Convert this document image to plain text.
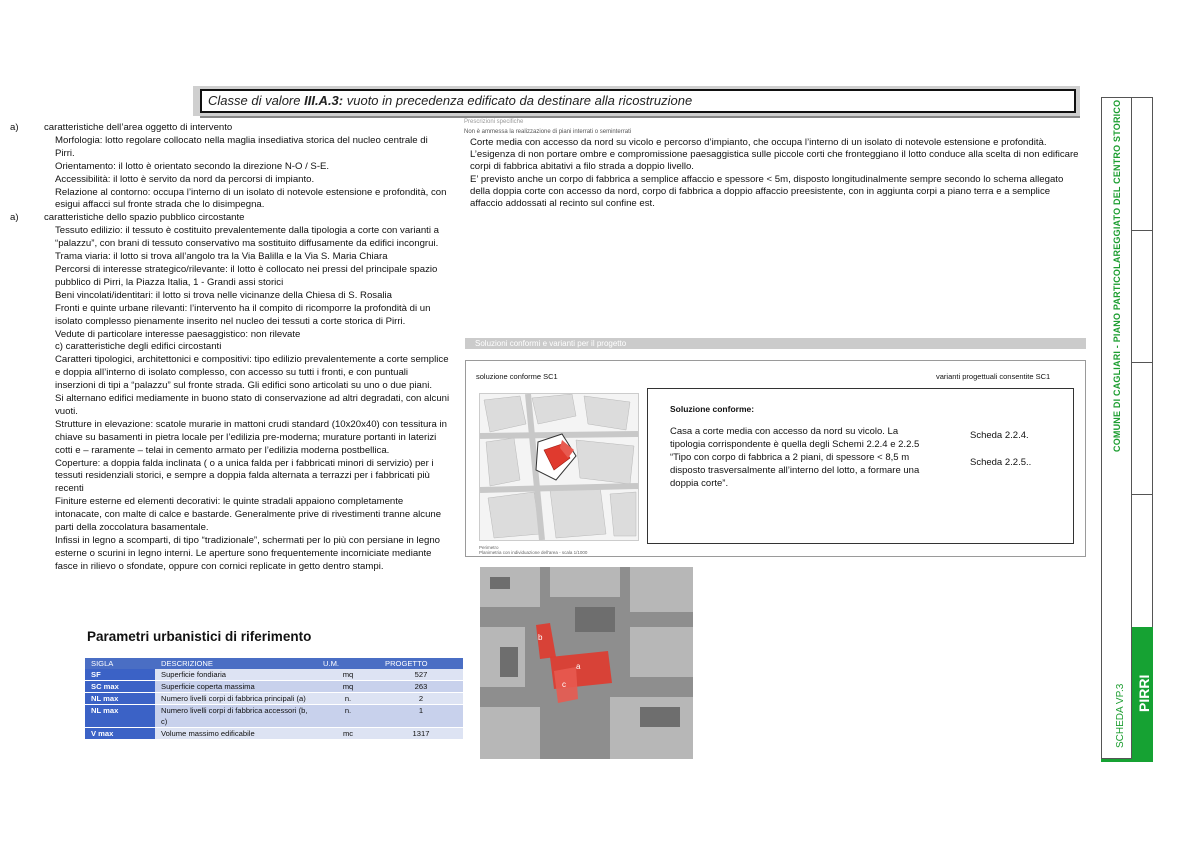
Classe di valore III.A.3: vuoto in precedenza edificato da destinare alla ricostruzione
a)	caratteristiche dell’area oggetto di intervento

Morfologia: lotto regolare collocato nella maglia insediativa storica del nucleo centrale di Pirri.

Orientamento: il lotto è orientato secondo la direzione N-O / S-E.

Accessibilità: il lotto è servito da nord da percorsi di impianto.

Relazione al contorno: occupa l’interno di un isolato di notevole estensione e profondità, con esigui affacci sul fronte strada che lo disimpegna.

a)	caratteristiche dello spazio pubblico circostante

Tessuto edilizio: il tessuto è costituito prevalentemente dalla tipologia a corte con varianti a “palazzu”, con brani di tessuto conservativo ma sostituito diffusamente da edifici incongrui.

Trama viaria: il lotto si trova all’angolo tra la Via Balilla e la Via S. Maria Chiara

Percorsi di interesse strategico/rilevante: il lotto è collocato nei pressi del principale spazio pubblico di Pirri, la Piazza Italia, 1 - Grandi assi storici

Beni vincolati/identitari: il lotto si trova nelle vicinanze della Chiesa di S. Rosalia

Fronti e quinte urbane rilevanti: l’intervento ha il compito di ricomporre la profondità di un isolato complesso pienamente inserito nel nucleo dei tessuti a corte storica di Pirri.

Vedute di particolare interesse paesaggistico: non rilevate

c) caratteristiche degli edifici circostanti

Caratteri tipologici, architettonici e compositivi: tipo edilizio prevalentemente a corte semplice e doppia all’interno di isolato complesso, con accesso su tutti i fronti, e con puntuali inserzioni di tipi a “palazzu” sul fronte strada. Gli edifici sono articolati su uno o due piani.

Si alternano edifici mediamente in buono stato di conservazione ad altri degradati, con alcuni vuoti.

Strutture in elevazione: scatole murarie in mattoni crudi standard (10x20x40) con tessitura in chiave su basamenti in pietra locale per l’edilizia pre-moderna; murature portanti in laterizi cotti e – raramente – telai in cemento armato per l’edilizia moderna postbellica.

Coperture: a doppia falda inclinata ( o a unica falda per i fabbricati minori di servizio) per i tessuti residenziali storici, e sempre a doppia falda alternata a terrazzi per i fabbricati più recenti

Finiture esterne ed elementi decorativi: le quinte stradali appaiono completamente intonacate, con malte di calce e bastarde. Generalmente prive di rivestimenti tranne alcune parti della zoccolatura basamentale.

Infissi in legno a scomparti, di tipo “tradizionale”, schermati per lo più con persiane in legno esterne o scurini in legno interni. Le aperture sono frequentemente incorniciate mediante fasce in rilievo o sfondate, oppure con cornici replicate in getto dentro stampi.

Prescrizioni specifiche
Non è ammessa la realizzazione di piani interrati o seminterrati

Corte media con accesso da nord su vicolo e percorso d’impianto, che occupa l’interno di un isolato di notevole estensione e profondità. L’esigenza di non portare ombre e compromissione paesaggistica sulle piccole corti che fronteggiano il lotto conduce alla scelta di non edificare corpi di fabbrica abitativi a filo strada a doppio livello.

E’ previsto anche un corpo di fabbrica a semplice affaccio e spessore < 5m, disposto longitudinalmente sempre secondo lo schema allegato della doppia corte con accesso da nord, corpo di fabbrica a doppio affaccio preesistente, con in aggiunta corpi a piano terra e a semplice affaccio addossati al recinto sul confine est.

Soluzioni conformi e varianti per il progetto
soluzione conforme SC1	varianti progettuali consentite SC1
Perimetro
Planimetria con individuazione dell'area - scala 1/1000
Soluzione conforme:
Casa a corte media con accesso da nord su vicolo. La tipologia corrispondente è quella degli Schemi 2.2.4 e 2.2.5 “Tipo con corpo di fabbrica a 2 piani, di spessore < 8,5 m disposto trasversalmente all’interno del lotto, a formare una doppia corte”.
Scheda 2.2.4.
Scheda 2.2.5..
b
a
c
Parametri urbanistici di riferimento
SIGLA	DESCRIZIONE	U.M.	PROGETTO
SF	Superficie fondiaria	mq	527
SC max	Superficie coperta massima	mq	263
NL max	Numero livelli corpi di fabbrica principali (a)	n.	2
NL max	Numero livelli corpi di fabbrica accessori (b, c)	n.	1
V max	Volume massimo edificabile	mc	1317
COMUNE DI CAGLIARI - PIANO PARTICOLAREGGIATO DEL CENTRO STORICO
SCHEDA VP.3 PIRRI
